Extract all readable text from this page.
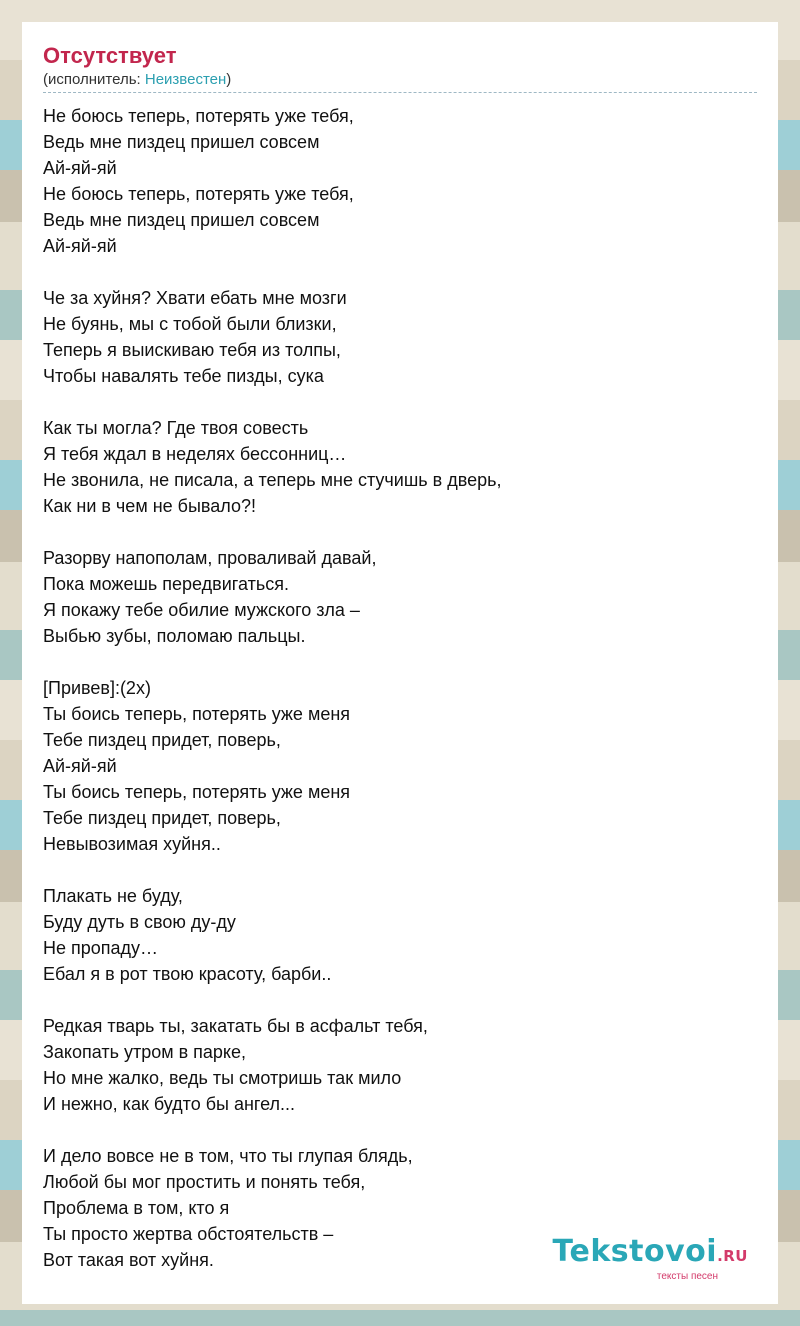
Отсутствует
(исполнитель: Неизвестен)
Не боюсь теперь, потерять уже тебя,
Ведь мне пиздец пришел совсем
Ай-яй-яй
Не боюсь теперь, потерять уже тебя,
Ведь мне пиздец пришел совсем
Ай-яй-яй
Че за хуйня? Хвати ебать мне мозги
Не буянь, мы с тобой были близки,
Теперь я выискиваю тебя из толпы,
Чтобы навалять тебе пизды, сука
Как ты могла? Где твоя совесть
Я тебя ждал в неделях бессонниц…
Не звонила, не писала, а теперь мне стучишь в дверь,
Как ни в чем не бывало?!
Разорву напополам, проваливай давай,
Пока можешь передвигаться.
Я покажу тебе обилие мужского зла –
Выбью зубы, поломаю пальцы.
[Привев]:(2x)
Ты боись теперь, потерять уже меня
Тебе пиздец придет, поверь,
Ай-яй-яй
Ты боись теперь, потерять уже меня
Тебе пиздец придет, поверь,
Невывозимая хуйня..
Плакать не буду,
Буду дуть в свою ду-ду
Не пропаду…
Ебал я в рот твою красоту, барби..
Редкая тварь ты, закатать бы в асфальт тебя,
Закопать утром в парке,
Но мне жалко, ведь ты смотришь так мило
И нежно, как будто бы ангел...
И дело вовсе не в том, что ты глупая блядь,
Любой бы мог простить и понять тебя,
Проблема в том, кто я
Ты просто жертва обстоятельств –
Вот такая вот хуйня.	Tekstovoi.RU
тексты песен
